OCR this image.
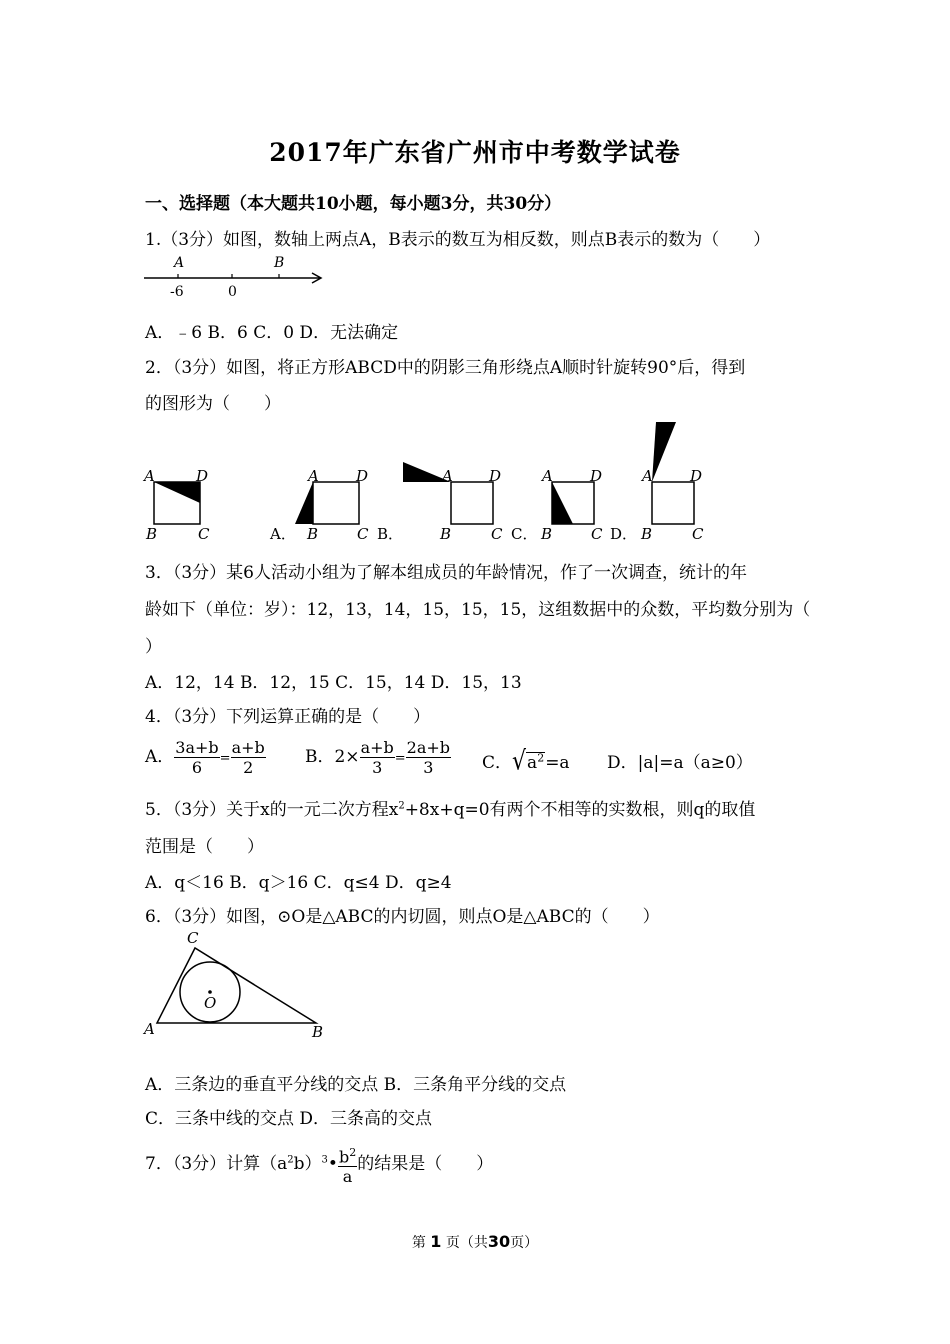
2017年广东省广州市中考数学试卷
一、选择题（本大题共10小题，每小题3分，共30分）
1.（3分）如图，数轴上两点A，B表示的数互为相反数，则点B表示的数为（　　）
A	B
-6	0
A．﹣6 B．6 C．0 D．无法确定
2．（3分）如图，将正方形ABCD中的阴影三角形绕点A顺时针旋转90°后，得到
的图形为（　　）
A	D
B	C	A．
A D
B	C B．
A D
B	C C．
A D
B	C D．
A D
B	C
3．（3分）某6人活动小组为了解本组成员的年龄情况，作了一次调查，统计的年
龄如下（单位：岁）：12，13，14，15，15，15，这组数据中的众数，平均数分别为（
）
A．12，14 B．12，15 C．15，14 D．15，13
4．（3分）下列运算正确的是（　　）
A． $\frac{3a+b}{6} = \frac{a+b}{2}$ B．$2\times \frac{a+b}{3} = \frac{2a+b}{3}$ C．$√a^2=a$ D．|a|=a（a≥0）
5．（3分）关于x的一元二次方程$x^2+8x+q=0$有两个不相等的实数根，则q的取值
范围是（　　）
A．q＜16 B．q＞16 C．q≤4 D．q≥4
6．（3分）如图，⊙O是△ABC的内切圆，则点O是△ABC的（　　）
C
A	B
O
A．三条边的垂直平分线的交点 B．三条角平分线的交点
C．三条中线的交点 D．三条高的交点
7．（3分）计算$(a^2b)^3• \frac{b^2}{a}$ 的结果是（　　）
第 1 页（共30页）
